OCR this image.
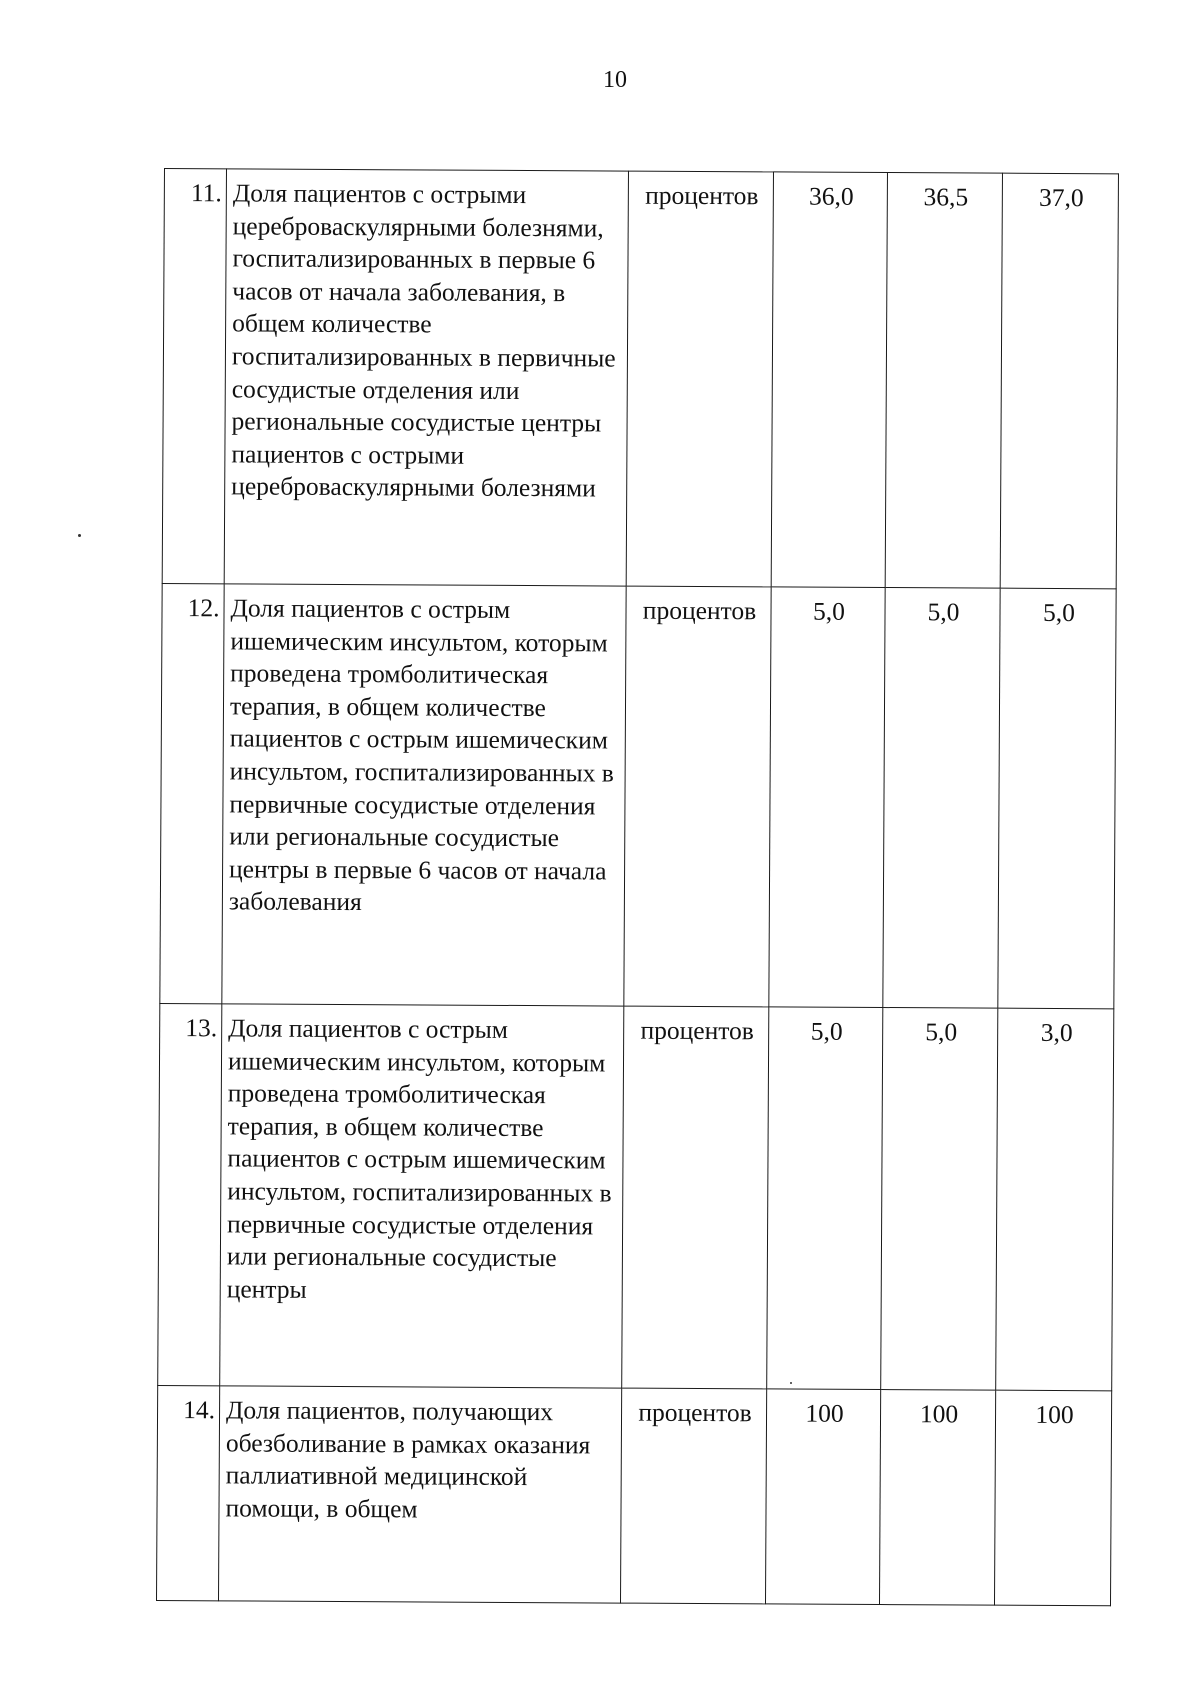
10
11.	Доля пациентов с острыми цереброваскулярными болезнями, госпитализированных в первые 6 часов от начала заболевания, в общем количестве госпитализированных в первичные сосудистые отделения или региональные сосудистые центры пациентов с острыми цереброваскулярными болезнями	процентов	36,0	36,5	37,0
12.	Доля пациентов с острым ишемическим инсультом, которым проведена тромболитическая терапия, в общем количестве пациентов с острым ишемическим инсультом, госпитализированных в первичные сосудистые отделения или региональные сосудистые центры в первые 6 часов от начала заболевания	процентов	5,0	5,0	5,0
13.	Доля пациентов с острым ишемическим инсультом, которым проведена тромболитическая терапия, в общем количестве пациентов с острым ишемическим инсультом, госпитализированных в первичные сосудистые отделения или региональные сосудистые центры	процентов	5,0	5,0	3,0
14.	Доля пациентов, получающих обезболивание в рамках оказания паллиативной медицинской помощи, в общем	процентов	100	100	100
